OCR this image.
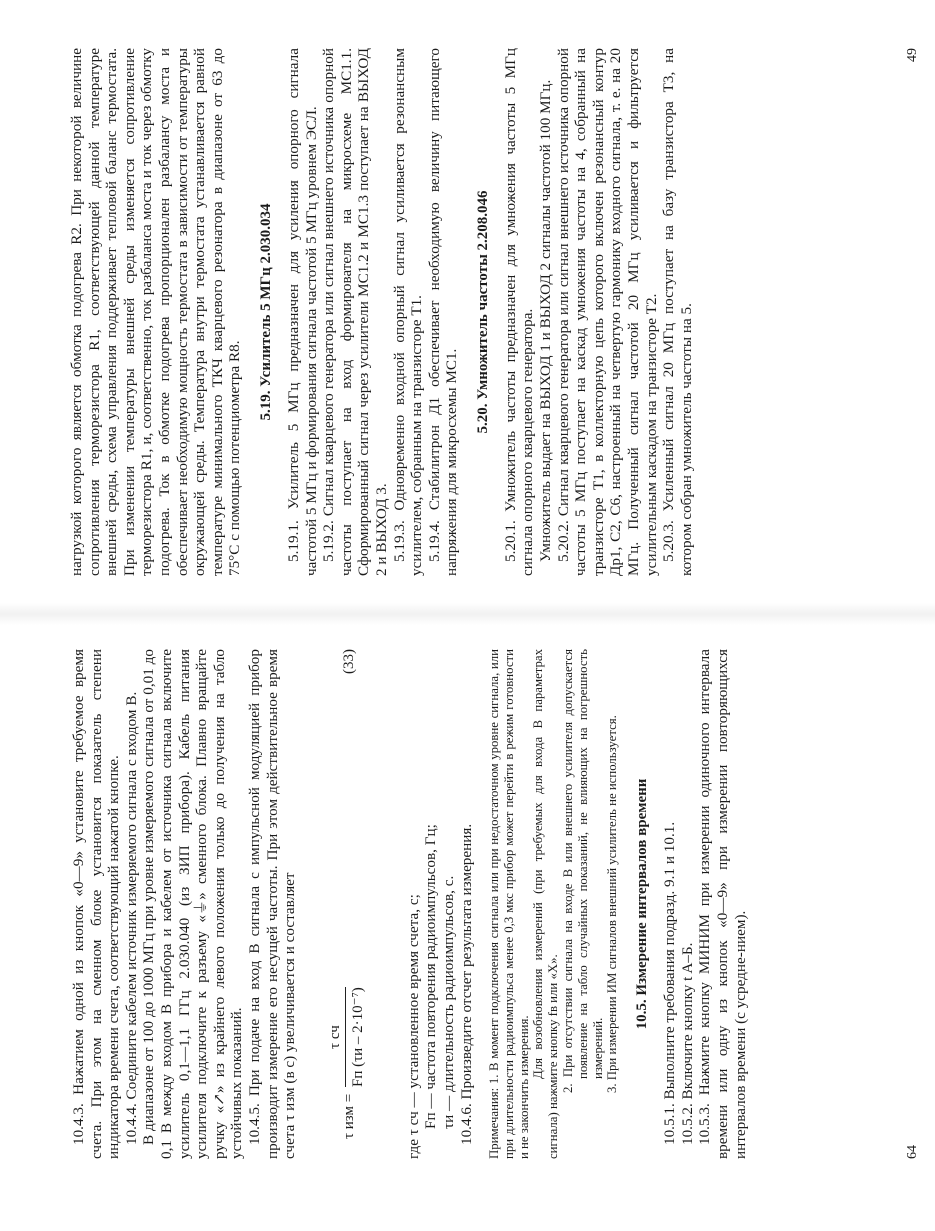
10.4.3. Нажатием одной из кнопок «0—9» установите требуемое время счета. При этом на сменном блоке установится показатель степени индикатора времени счета, соответствующий нажатой кнопке. 10.4.4. Соедините кабелем источник измеряемого сигнала с входом В. В диапазоне от 100 до 1000 МГц при уровне измеряемого сигнала от 0,01 до 0,1 В между входом В прибора и кабелем от источника сигнала включите усилитель 0,1—1,1 ГГц 2.030.040 (из ЗИП прибора). Кабель питания усилителя подключите к разъему «⏚» сменного блока. Плавно вращайте ручку «↗» из крайнего левого положения только до получения на табло устойчивых показаний. 10.4.5. При подаче на вход В сигнала с импульсной модуляцией прибор производит измерение его несущей частоты. При этом действительное время счета τ изм (в с) увеличивается и составляет	τ изм =
τ сч Fп (τи – 2·10⁻⁷)
(33)

где τ сч — установленное время счета, с; Fп — частота повторения радиоимпульсов, Гц; τи — длительность радиоимпульсов, с. 10.4.6. Произведите отсчет результата измерения. Примечания: 1. В момент подключения сигнала или при недостаточном уровне сигнала, или при длительности радиоимпульса менее 0,3 мкс прибор может перейти в режим готовности и не закончить измерения.

Для возобновления измерений (при требуемых для входа В параметрах сигнала) нажмите кнопку fв или «Х». 2. При отсутствии сигнала на входе В или внешнего усилителя допускается появление на табло случайных показаний, не влияющих на погрешность измерений. 3. При измерении ИМ сигналов внешний усилитель не используется. 10.5. Измерение интервалов времени 10.5.1. Выполните требования подразд. 9.1 и 10.1. 10.5.2. Включите кнопку t A–Б. 10.5.3. Нажмите кнопку МИНИМ при измерении одиночного интервала времени или одну из кнопок «0—9» при измерении повторяющихся интервалов времени (с усредне-нием).	64

нагрузкой которого является обмотка подогрева R2. При некоторой величине сопротивления терморезистора R1, соответствующей данной температуре внешней среды, схема управления поддерживает тепловой баланс термостата. При изменении температуры внешней среды изменяется сопротивление терморезистора R1, и, соответственно, ток разбаланса моста и ток через обмотку подогрева. Ток в обмотке подогрева пропорционален разбалансу моста и обеспечивает необходимую мощность термостата в зависимости от температуры окружающей среды. Температура внутри термостата устанавливается равной температуре минимального ТКЧ кварцевого резонатора в диапазоне от 63 до 75°С с помощью потенциометра R8.

5.19. Усилитель 5 МГц 2.030.034 5.19.1. Усилитель 5 МГц предназначен для усиления опорного сигнала частотой 5 МГц и формирования сигнала частотой 5 МГц уровнем ЭСЛ. 5.19.2. Сигнал кварцевого генератора или сигнал внешнего источника опорной частоты поступает на вход формирователя на микросхеме МС1.1. Сформированный сигнал через усилители МС1.2 и МС1.3 поступает на ВЫХОД 2 и ВЫХОД 3. 5.19.3. Одновременно входной опорный сигнал усиливается резонансным усилителем, собранным на транзисторе Т1. 5.19.4. Стабилитрон Д1 обеспечивает необходимую величину питающего напряжения для микросхемы МС1.

5.20. Умножитель частоты 2.208.046 5.20.1. Умножитель частоты предназначен для умножения частоты 5 МГц сигнала опорного кварцевого генератора. Умножитель выдает на ВЫХОД 1 и ВЫХОД 2 сигналы частотой 100 МГц. 5.20.2. Сигнал кварцевого генератора или сигнал внешнего источника опорной частоты 5 МГц поступает на каскад умножения частоты на 4, собранный на транзисторе Т1, в коллекторную цепь которого включен резонансный контур Др1, С2, С6, настроенный на четвертую гармонику входного сигнала, т. е. на 20 МГц. Полученный сигнал частотой 20 МГц усиливается и фильтруется усилительным каскадом на транзисторе Т2. 5.20.3. Усиленный сигнал 20 МГц поступает на базу транзистора Т3, на котором собран умножитель частоты на 5.

49
